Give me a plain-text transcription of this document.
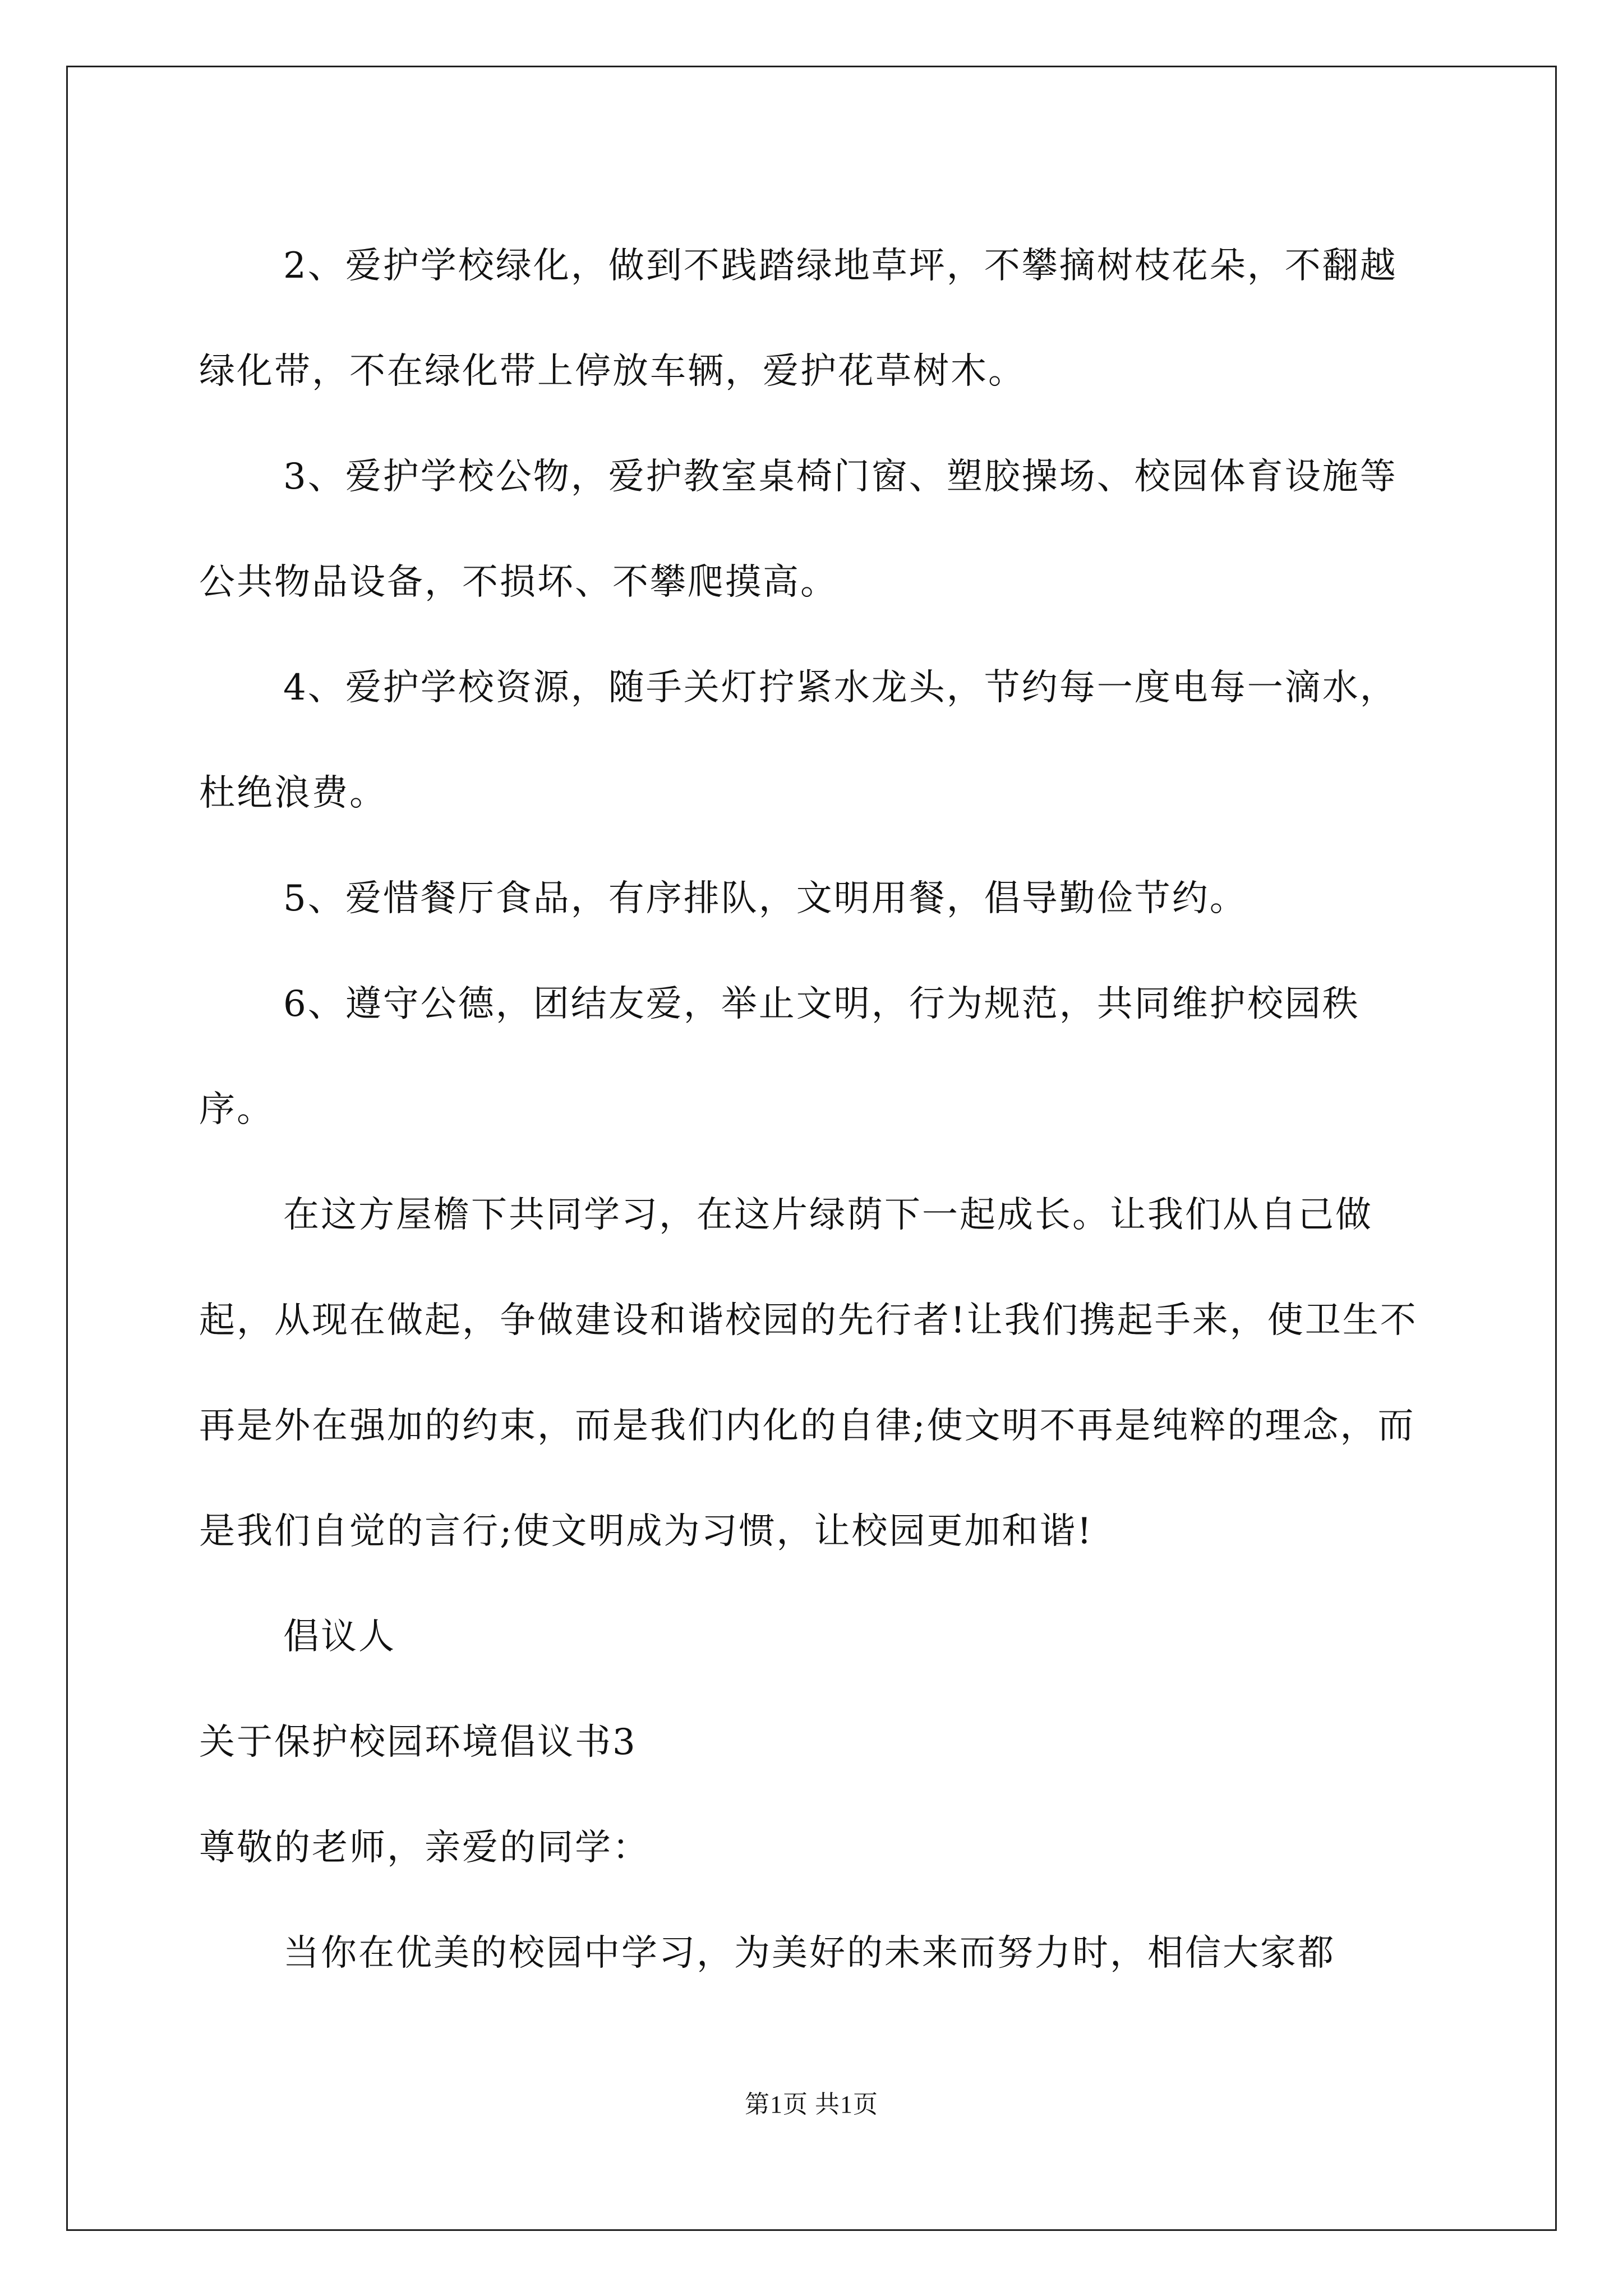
2、爱护学校绿化，做到不践踏绿地草坪，不攀摘树枝花朵，不翻越绿化带，不在绿化带上停放车辆，爱护花草树木。

3、爱护学校公物，爱护教室桌椅门窗、塑胶操场、校园体育设施等公共物品设备，不损坏、不攀爬摸高。

4、爱护学校资源，随手关灯拧紧水龙头，节约每一度电每一滴水，杜绝浪费。

5、爱惜餐厅食品，有序排队，文明用餐，倡导勤俭节约。

6、遵守公德，团结友爱，举止文明，行为规范，共同维护校园秩序。

在这方屋檐下共同学习，在这片绿荫下一起成长。让我们从自己做起，从现在做起，争做建设和谐校园的先行者!让我们携起手来，使卫生不再是外在强加的约束，而是我们内化的自律;使文明不再是纯粹的理念，而是我们自觉的言行;使文明成为习惯，让校园更加和谐!

倡议人

关于保护校园环境倡议书3

尊敬的老师，亲爱的同学：

当你在优美的校园中学习，为美好的未来而努力时，相信大家都

第1页 共1页
